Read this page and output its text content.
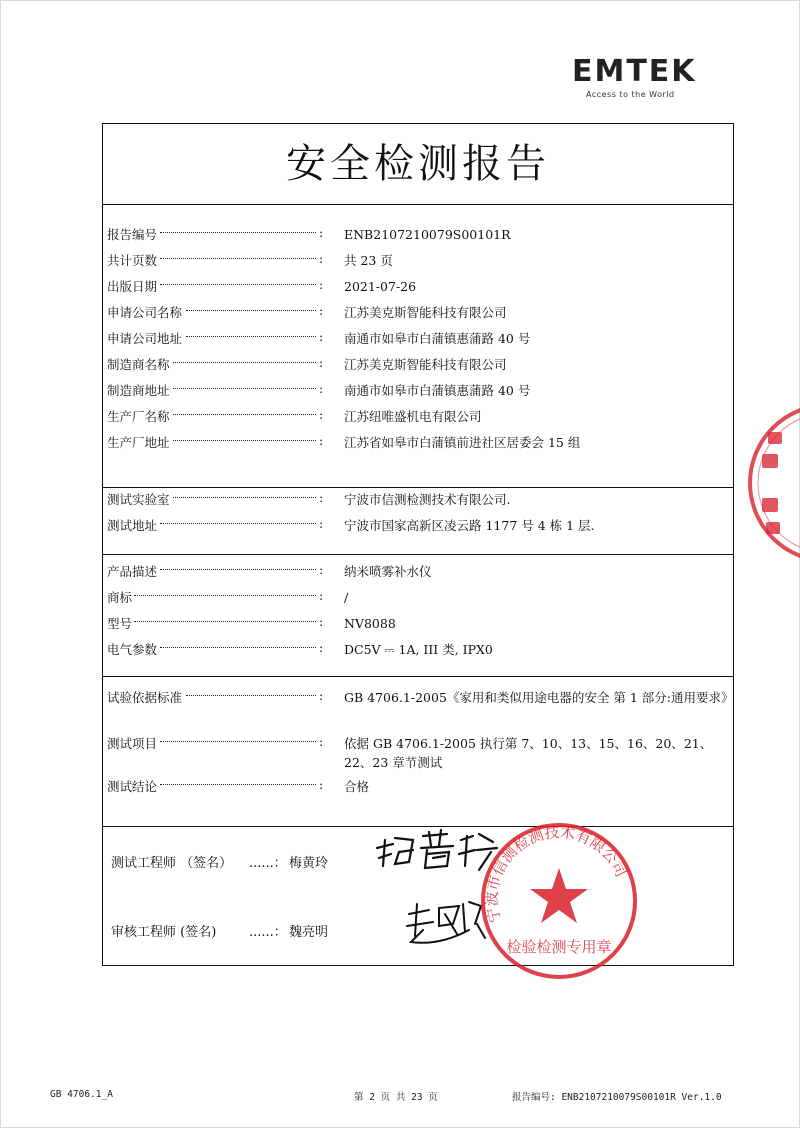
EMTEK
Access to the World
安全检测报告
报告编号	: ENB2107210079S00101R
共计页数	: 共 23 页
出版日期	: 2021-07-26
申请公司名称	: 江苏美克斯智能科技有限公司
申请公司地址	: 南通市如皋市白蒲镇惠蒲路 40 号
制造商名称	: 江苏美克斯智能科技有限公司
制造商地址	: 南通市如皋市白蒲镇惠蒲路 40 号
生产厂名称	: 江苏纽唯盛机电有限公司
生产厂地址	: 江苏省如皋市白蒲镇前进社区居委会 15 组
测试实验室	: 宁波市信测检测技术有限公司.
测试地址	: 宁波市国家高新区凌云路 1177 号 4 栋 1 层.
产品描述	: 纳米喷雾补水仪
商标	: /
型号	: NV8088
电气参数	: DC5V ⎓ 1A, III 类, IPX0
试验依据标准	: GB 4706.1-2005《家用和类似用途电器的安全 第 1 部分:通用要求》
测试项目	: 依据 GB 4706.1-2005 执行第 7、10、13、15、16、20、21、22、23 章节测试
测试结论	: 合格
测试工程师 （签名） ......： 梅黄玲
审核工程师 (签名)	......： 魏亮明
宁波市信测检测技术有限公司
检验检测专用章
GB 4706.1_A	第 2 页 共 23 页	报告编号: ENB2107210079S00101R Ver.1.0
